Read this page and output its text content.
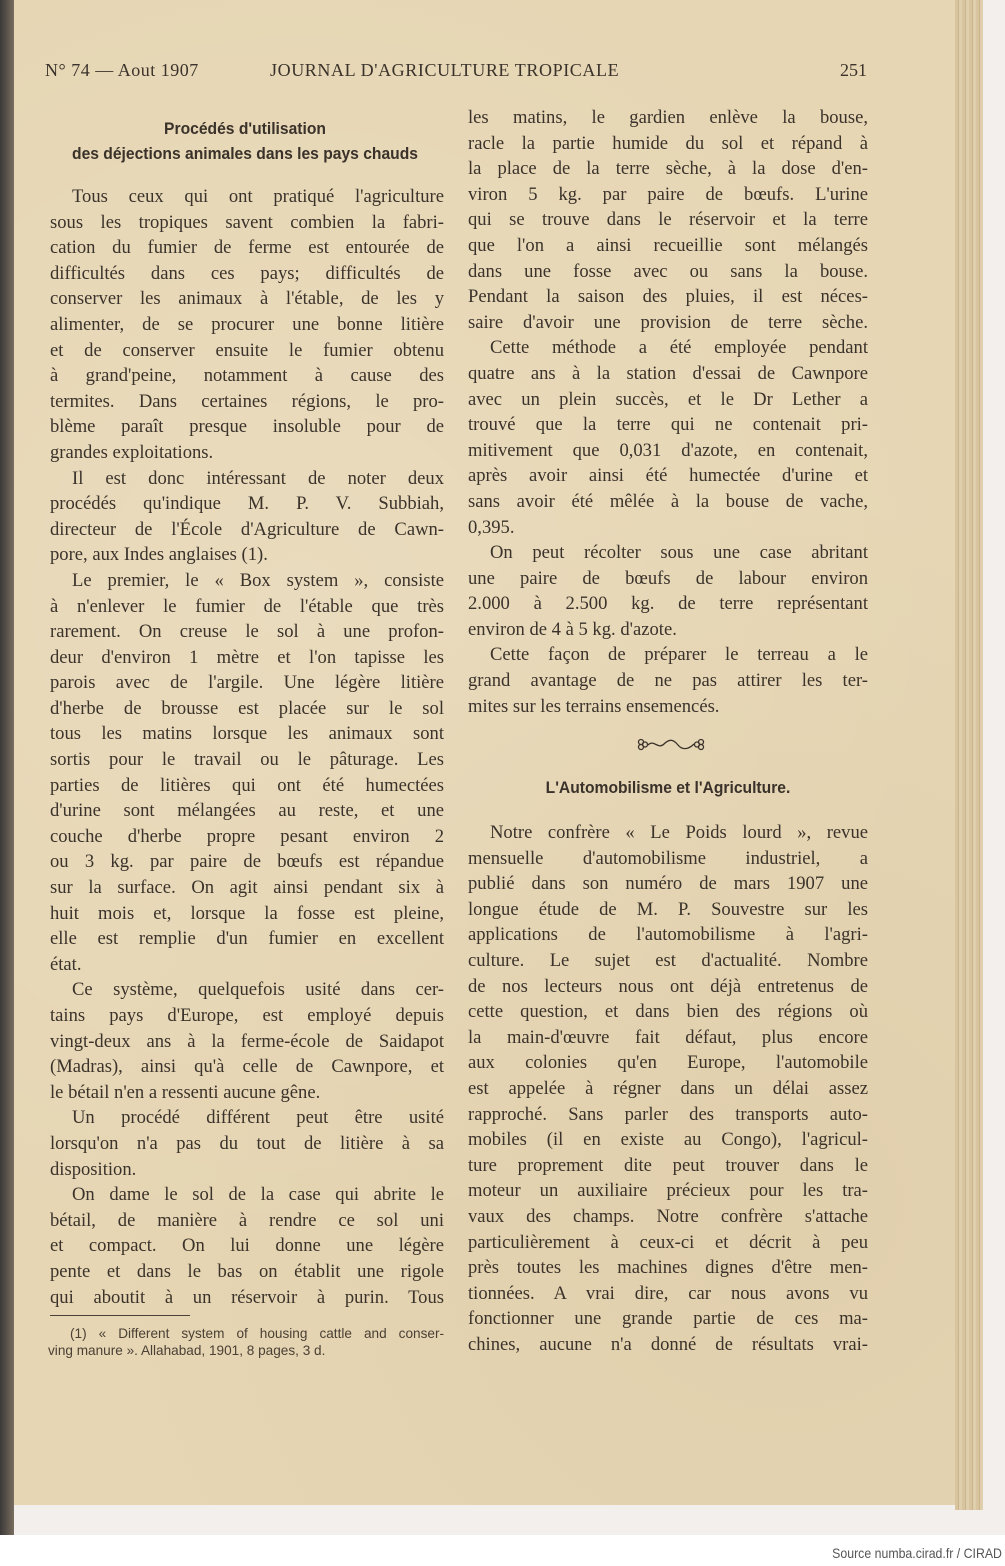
N° 74 — Aout 1907	JOURNAL D'AGRICULTURE TROPICALE	251
Procédés d'utilisation
des déjections animales dans les pays chauds
Tous ceux qui ont pratiqué l'agriculture
sous les tropiques savent combien la fabri-
cation du fumier de ferme est entourée de
difficultés dans ces pays; difficultés de
conserver les animaux à l'étable, de les y
alimenter, de se procurer une bonne litière
et de conserver ensuite le fumier obtenu
à grand'peine, notamment à cause des
termites. Dans certaines régions, le pro-
blème paraît presque insoluble pour de
grandes exploitations.
Il est donc intéressant de noter deux
procédés qu'indique M. P. V. Subbiah,
directeur de l'École d'Agriculture de Cawn-
pore, aux Indes anglaises (1).
Le premier, le « Box system », consiste
à n'enlever le fumier de l'étable que très
rarement. On creuse le sol à une profon-
deur d'environ 1 mètre et l'on tapisse les
parois avec de l'argile. Une légère litière
d'herbe de brousse est placée sur le sol
tous les matins lorsque les animaux sont
sortis pour le travail ou le pâturage. Les
parties de litières qui ont été humectées
d'urine sont mélangées au reste, et une
couche d'herbe propre pesant environ 2
ou 3 kg. par paire de bœufs est répandue
sur la surface. On agit ainsi pendant six à
huit mois et, lorsque la fosse est pleine,
elle est remplie d'un fumier en excellent
état.
Ce système, quelquefois usité dans cer-
tains pays d'Europe, est employé depuis
vingt-deux ans à la ferme-école de Saidapot
(Madras), ainsi qu'à celle de Cawnpore, et
le bétail n'en a ressenti aucune gêne.
Un procédé différent peut être usité
lorsqu'on n'a pas du tout de litière à sa
disposition.
On dame le sol de la case qui abrite le
bétail, de manière à rendre ce sol uni
et compact. On lui donne une légère
pente et dans le bas on établit une rigole
qui aboutit à un réservoir à purin. Tous
les matins, le gardien enlève la bouse,
racle la partie humide du sol et répand à
la place de la terre sèche, à la dose d'en-
viron 5 kg. par paire de bœufs. L'urine
qui se trouve dans le réservoir et la terre
que l'on a ainsi recueillie sont mélangés
dans une fosse avec ou sans la bouse.
Pendant la saison des pluies, il est néces-
saire d'avoir une provision de terre sèche.
Cette méthode a été employée pendant
quatre ans à la station d'essai de Cawnpore
avec un plein succès, et le Dr Lether a
trouvé que la terre qui ne contenait pri-
mitivement que 0,031 d'azote, en contenait,
après avoir ainsi été humectée d'urine et
sans avoir été mêlée à la bouse de vache,
0,395.
On peut récolter sous une case abritant
une paire de bœufs de labour environ
2.000 à 2.500 kg. de terre représentant
environ de 4 à 5 kg. d'azote.
Cette façon de préparer le terreau a le
grand avantage de ne pas attirer les ter-
mites sur les terrains ensemencés.
(1) « Different system of housing cattle and conser-
ving manure ». Allahabad, 1901, 8 pages, 3 d.
L'Automobilisme et l'Agriculture.
Notre confrère « Le Poids lourd », revue
mensuelle d'automobilisme industriel, a
publié dans son numéro de mars 1907 une
longue étude de M. P. Souvestre sur les
applications de l'automobilisme à l'agri-
culture. Le sujet est d'actualité. Nombre
de nos lecteurs nous ont déjà entretenus de
cette question, et dans bien des régions où
la main-d'œuvre fait défaut, plus encore
aux colonies qu'en Europe, l'automobile
est appelée à régner dans un délai assez
rapproché. Sans parler des transports auto-
mobiles (il en existe au Congo), l'agricul-
ture proprement dite peut trouver dans le
moteur un auxiliaire précieux pour les tra-
vaux des champs. Notre confrère s'attache
particulièrement à ceux-ci et décrit à peu
près toutes les machines dignes d'être men-
tionnées. A vrai dire, car nous avons vu
fonctionner une grande partie de ces ma-
chines, aucune n'a donné de résultats vrai-
Source numba.cirad.fr / CIRAD
